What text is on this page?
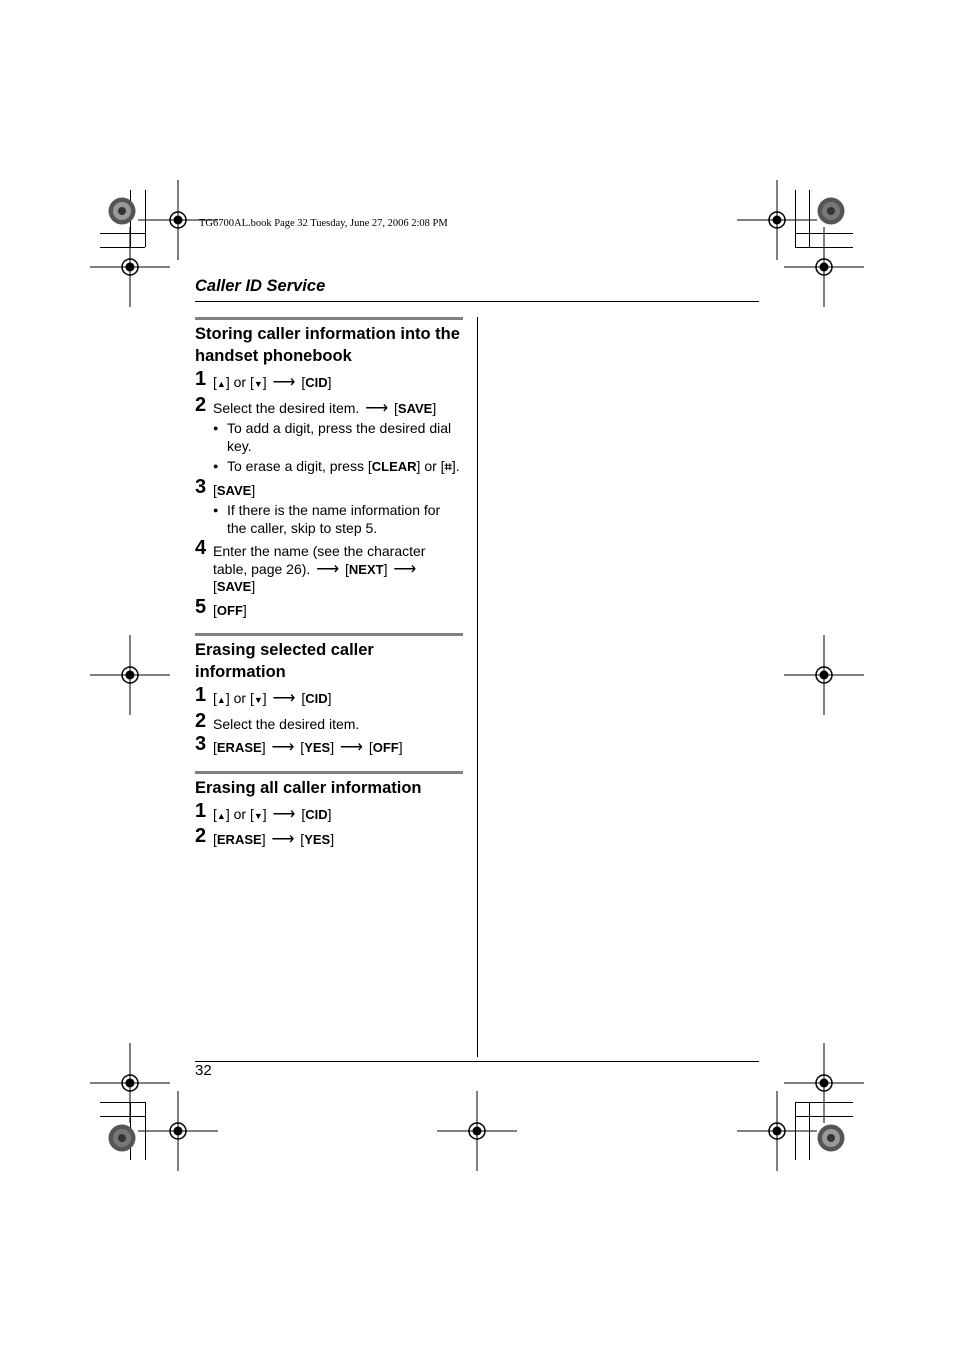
TG6700AL.book Page 32 Tuesday, June 27, 2006 2:08 PM
Caller ID Service
Storing caller information into the handset phonebook
1 [▲] or [▼] ⟶ [CID]
2 Select the desired item. ⟶ [SAVE]
● To add a digit, press the desired dial key.
● To erase a digit, press [CLEAR] or [⌗].
3 [SAVE]
● If there is the name information for the caller, skip to step 5.
4 Enter the name (see the character table, page 26). ⟶ [NEXT] ⟶ [SAVE]
5 [OFF]
Erasing selected caller information
1 [▲] or [▼] ⟶ [CID]
2 Select the desired item.
3 [ERASE] ⟶ [YES] ⟶ [OFF]
Erasing all caller information
1 [▲] or [▼] ⟶ [CID]
2 [ERASE] ⟶ [YES]
32
